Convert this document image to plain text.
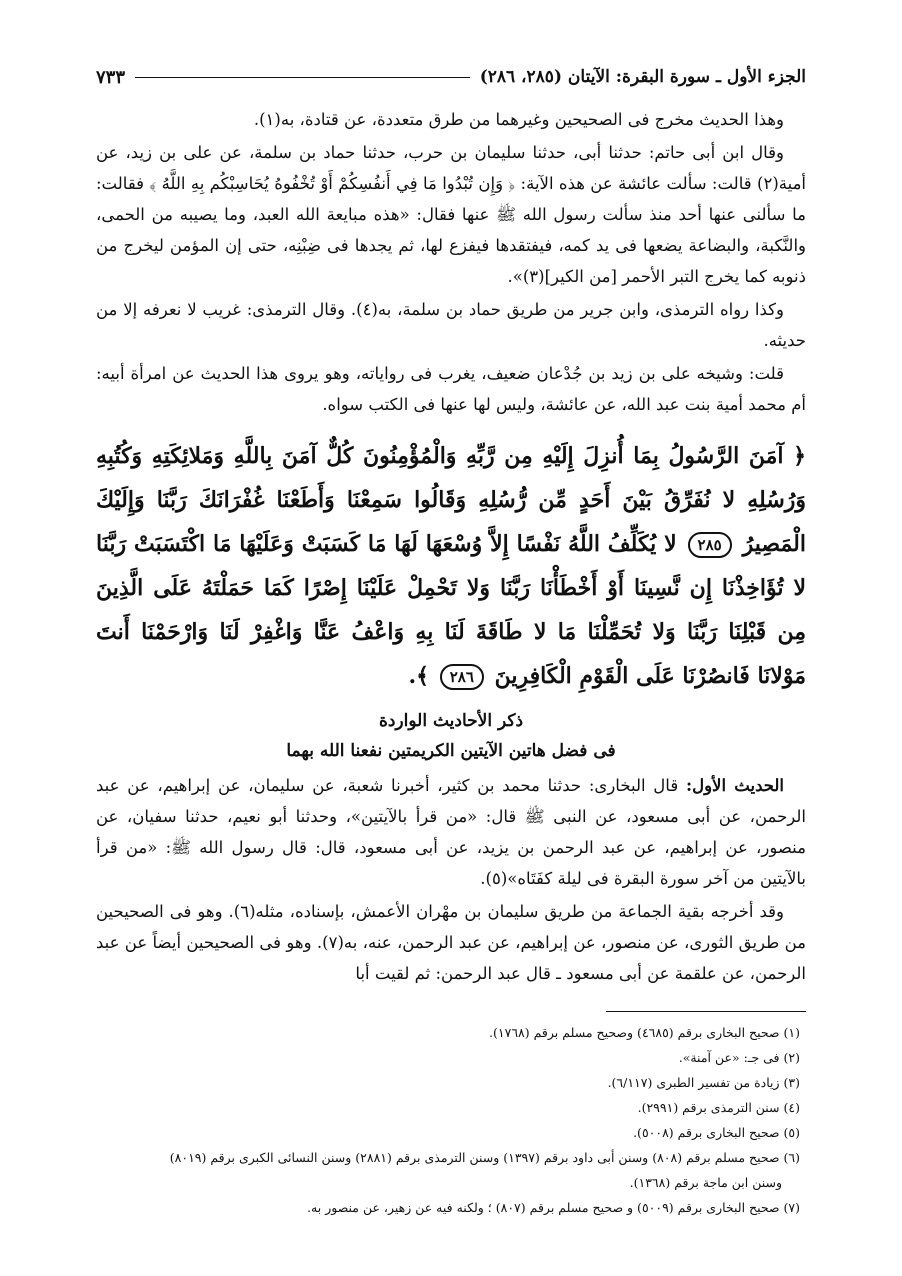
الجزء الأول ـ سورة البقرة: الآيتان (٢٨٥، ٢٨٦)
٧٣٣

وهذا الحديث مخرج فى الصحيحين وغيرهما من طرق متعددة، عن قتادة، به(١).

وقال ابن أبى حاتم: حدثنا أبى، حدثنا سليمان بن حرب، حدثنا حماد بن سلمة، عن على بن زيد، عن أمية(٢) قالت: سألت عائشة عن هذه الآية: ﴿ وَإِن تُبْدُوا مَا فِي أَنفُسِكُمْ أَوْ تُخْفُوهُ يُحَاسِبْكُم بِهِ اللَّهُ ﴾ فقالت: ما سألنى عنها أحد منذ سألت رسول الله ﷺ عنها فقال: «هذه مبايعة الله العبد، وما يصيبه من الحمى، والنَّكبة، والبضاعة يضعها فى يد كمه، فيفتقدها فيفزع لها، ثم يجدها فى ضِبْنِه، حتى إن المؤمن ليخرج من ذنوبه كما يخرج التبر الأحمر [من الكير](٣)».

وكذا رواه الترمذى، وابن جرير من طريق حماد بن سلمة، به(٤). وقال الترمذى: غريب لا نعرفه إلا من حديثه.

قلت: وشيخه على بن زيد بن جُدْعان ضعيف، يغرب فى رواياته، وهو يروى هذا الحديث عن امرأة أبيه: أم محمد أمية بنت عبد الله، عن عائشة، وليس لها عنها فى الكتب سواه.

﴿ آمَنَ الرَّسُولُ بِمَا أُنزِلَ إِلَيْهِ مِن رَّبِّهِ وَالْمُؤْمِنُونَ كُلٌّ آمَنَ بِاللَّهِ وَمَلائِكَتِهِ وَكُتُبِهِ وَرُسُلِهِ لا نُفَرِّقُ بَيْنَ أَحَدٍ مِّن رُّسُلِهِ وَقَالُوا سَمِعْنَا وَأَطَعْنَا غُفْرَانَكَ رَبَّنَا وَإِلَيْكَ الْمَصِيرُ ٢٨٥ لا يُكَلِّفُ اللَّهُ نَفْسًا إِلاَّ وُسْعَهَا لَهَا مَا كَسَبَتْ وَعَلَيْهَا مَا اكْتَسَبَتْ رَبَّنَا لا تُؤَاخِذْنَا إِن نَّسِينَا أَوْ أَخْطَأْنَا رَبَّنَا وَلا تَحْمِلْ عَلَيْنَا إِصْرًا كَمَا حَمَلْتَهُ عَلَى الَّذِينَ مِن قَبْلِنَا رَبَّنَا وَلا تُحَمِّلْنَا مَا لا طَاقَةَ لَنَا بِهِ وَاعْفُ عَنَّا وَاغْفِرْ لَنَا وَارْحَمْنَا أَنتَ مَوْلانَا فَانصُرْنَا عَلَى الْقَوْمِ الْكَافِرِينَ ٢٨٦ ﴾.
ذكر الأحاديث الواردة
فى فضل هاتين الآيتين الكريمتين نفعنا الله بهما

الحديث الأول: قال البخارى: حدثنا محمد بن كثير، أخبرنا شعبة، عن سليمان، عن إبراهيم، عن عبد الرحمن، عن أبى مسعود، عن النبى ﷺ قال: «من قرأ بالآيتين»، وحدثنا أبو نعيم، حدثنا سفيان، عن منصور، عن إبراهيم، عن عبد الرحمن بن يزيد، عن أبى مسعود، قال: قال رسول الله ﷺ: «من قرأ بالآيتين من آخر سورة البقرة فى ليلة كفَتَاه»(٥).

وقد أخرجه بقية الجماعة من طريق سليمان بن مهْران الأعمش، بإسناده، مثله(٦). وهو فى الصحيحين من طريق الثورى، عن منصور، عن إبراهيم، عن عبد الرحمن، عنه، به(٧). وهو فى الصحيحين أيضاً عن عبد الرحمن، عن علقمة عن أبى مسعود ـ قال عبد الرحمن: ثم لقيت أبا

(١) صحيح البخارى برقم (٤٦٨٥) وصحيح مسلم برقم (١٧٦٨).
(٢) فى جـ: «عن آمنة».
(٣) زيادة من تفسير الطبرى (٦/١١٧).
(٤) سنن الترمذى برقم (٢٩٩١).
(٥) صحيح البخارى برقم (٥٠٠٨).
(٦) صحيح مسلم برقم (٨٠٨) وسنن أبى داود برقم (١٣٩٧) وسنن الترمذى برقم (٢٨٨١) وسنن النسائى الكبرى برقم (٨٠١٩)
وسنن ابن ماجة برقم (١٣٦٨).
(٧) صحيح البخارى برقم (٥٠٠٩) و صحيح مسلم برقم (٨٠٧) ؛ ولكنه فيه عن زهير، عن منصور به.
